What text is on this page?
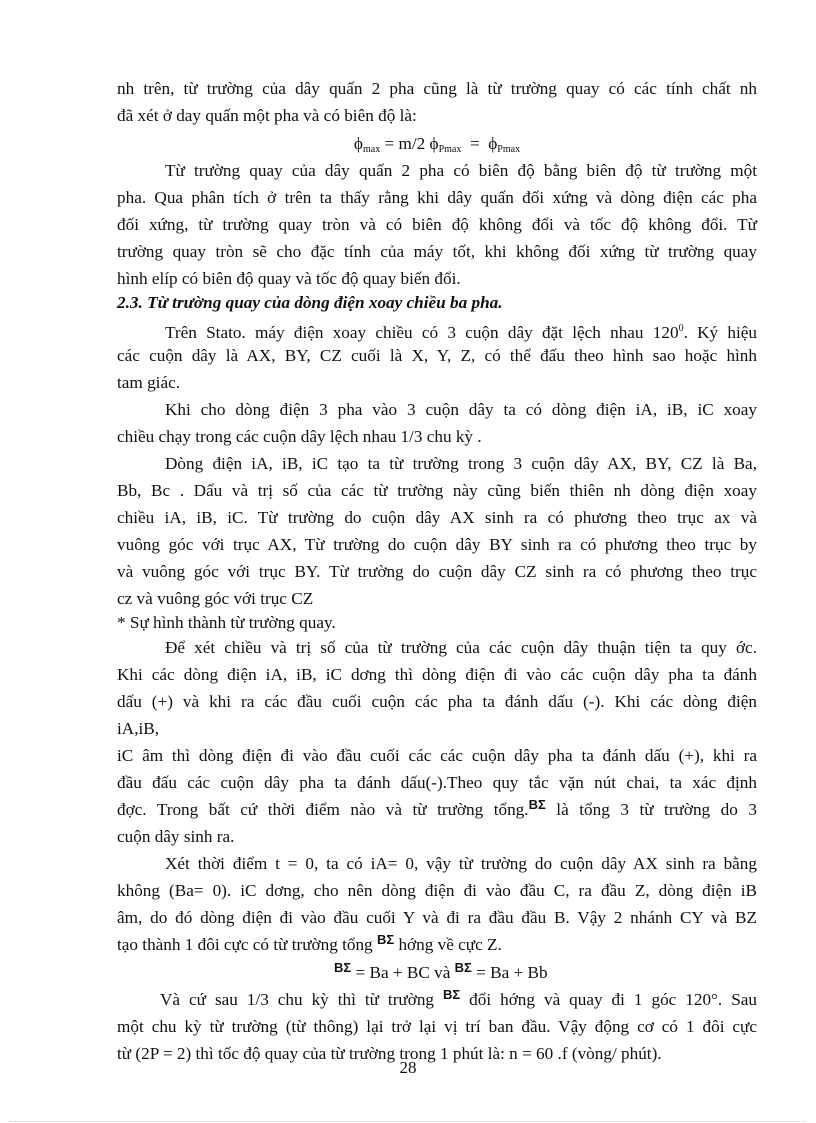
nh trên, từ trường của dây quấn 2 pha cũng là từ trường quay có các tính chất nh
đã xét ở day quấn một pha và có biên độ là:
$\phi_{max} = m/2$ $\phi_{Pmax} = \phi_{Pmax}$
Từ trường quay của dây quấn 2 pha có biên độ bằng biên độ từ trường một
pha. Qua phân tích ở trên ta thấy rằng khi dây quấn đối xứng và dòng điện các pha
đối xứng, từ trường quay tròn và có biên độ không đổi và tốc độ không đổi. Từ
trường quay tròn sẽ cho đặc tính của máy tốt, khi không đối xứng từ trường quay
hình elíp có biên độ quay và tốc độ quay biến đổi.
2.3. Từ trường quay của dòng điện xoay chiều ba pha.
Trên Stato. máy điện xoay chiều có 3 cuộn dây đặt lệch nhau $120^0$. Ký hiệu
các cuộn dây là AX, BY, CZ cuối là X, Y, Z, có thể đấu theo hình sao hoặc hình
tam giác.
Khi cho dòng điện 3 pha vào 3 cuộn dây ta có dòng điện iA, iB, iC xoay
chiều chạy trong các cuộn dây lệch nhau 1/3 chu kỳ .
Dòng điện iA, iB, iC tạo ta từ trường trong 3 cuộn dây AX, BY, CZ là Ba,
Bb, Bc . Dấu và trị số của các từ trường này cũng biến thiên nh dòng điện xoay
chiều iA, iB, iC. Từ trường do cuộn dây AX sinh ra có phương theo trục ax và
vuông góc với trục AX, Từ trường do cuộn dây BY sinh ra có phương theo trục by
và vuông góc với trục BY. Từ trường do cuộn dây CZ sinh ra có phương theo trục
cz và vuông góc với trục CZ
* Sự hình thành từ trường quay.
Để xét chiều và trị số của từ trường của các cuộn dây thuận tiện ta quy ớc.
Khi các dòng điện iA, iB, iC dơng thì dòng điện đi vào các cuộn dây pha ta đánh
dấu (+) và khi ra các đầu cuối cuộn các pha ta đánh dấu (-). Khi các dòng điện
iA,iB,
iC âm thì dòng điện đi vào đầu cuối các các cuộn dây pha ta đánh dấu (+), khi ra
đầu đấu các cuộn dây pha ta đánh dấu(-).Theo quy tắc vặn nút chai, ta xác định
đợc. Trong bất cứ thời điểm nào và từ trường tổng.$^{B\Sigma}$ là tổng 3 từ trường do 3
cuộn dây sinh ra.
Xét thời điểm t = 0, ta có iA= 0, vậy từ trường do cuộn dây AX sinh ra bằng
không (Ba= 0). iC dơng, cho nên dòng điện đi vào đầu C, ra đầu Z, dòng điện iB
âm, do đó dòng điện đi vào đầu cuối Y và đi ra đầu đầu B. Vậy 2 nhánh CY và BZ
tạo thành 1 đôi cực có từ trường tổng $^{B\Sigma}$ hớng về cực Z.
$^{B\Sigma}$ = Ba + BC và $^{B\Sigma}$ = Ba + Bb
Và cứ sau 1/3 chu kỳ thì từ trường $^{B\Sigma}$ đổi hớng và quay đi 1 góc 120°. Sau
một chu kỳ từ trường (từ thông) lại trở lại vị trí ban đầu. Vậy động cơ có 1 đôi cực
từ (2P = 2) thì tốc độ quay của từ trường trong 1 phút là: n = 60 .f (vòng/ phút).
28
